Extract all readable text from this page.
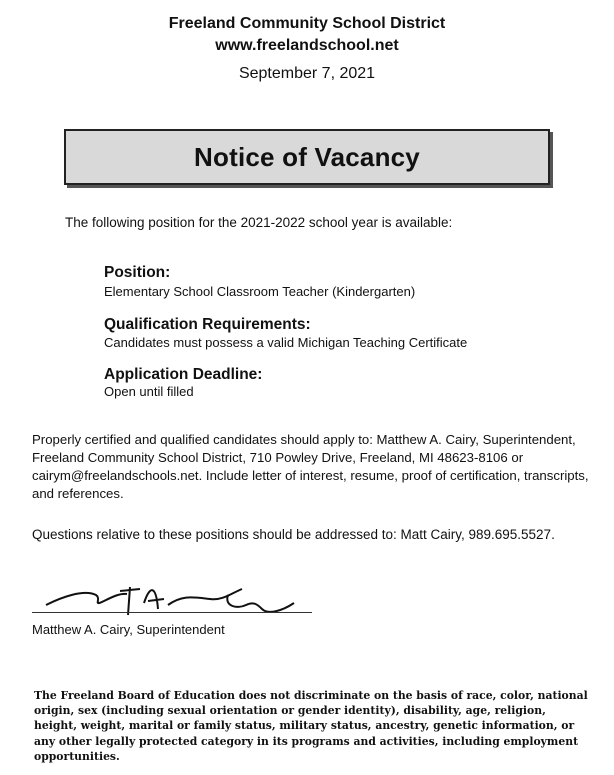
Freeland Community School District
www.freelandschool.net
September 7, 2021
Notice of Vacancy
The following position for the 2021-2022 school year is available:
Position:
Elementary School Classroom Teacher (Kindergarten)
Qualification Requirements:
Candidates must possess a valid Michigan Teaching Certificate
Application Deadline:
Open until filled
Properly certified and qualified candidates should apply to: Matthew A. Cairy, Superintendent, Freeland Community School District, 710 Powley Drive, Freeland, MI 48623-8106 or cairym@freelandschools.net. Include letter of interest, resume, proof of certification, transcripts, and references.
Questions relative to these positions should be addressed to: Matt Cairy, 989.695.5527.
Matthew A. Cairy, Superintendent
The Freeland Board of Education does not discriminate on the basis of race, color, national origin, sex (including sexual orientation or gender identity), disability, age, religion, height, weight, marital or family status, military status, ancestry, genetic information, or any other legally protected category in its programs and activities, including employment opportunities.
